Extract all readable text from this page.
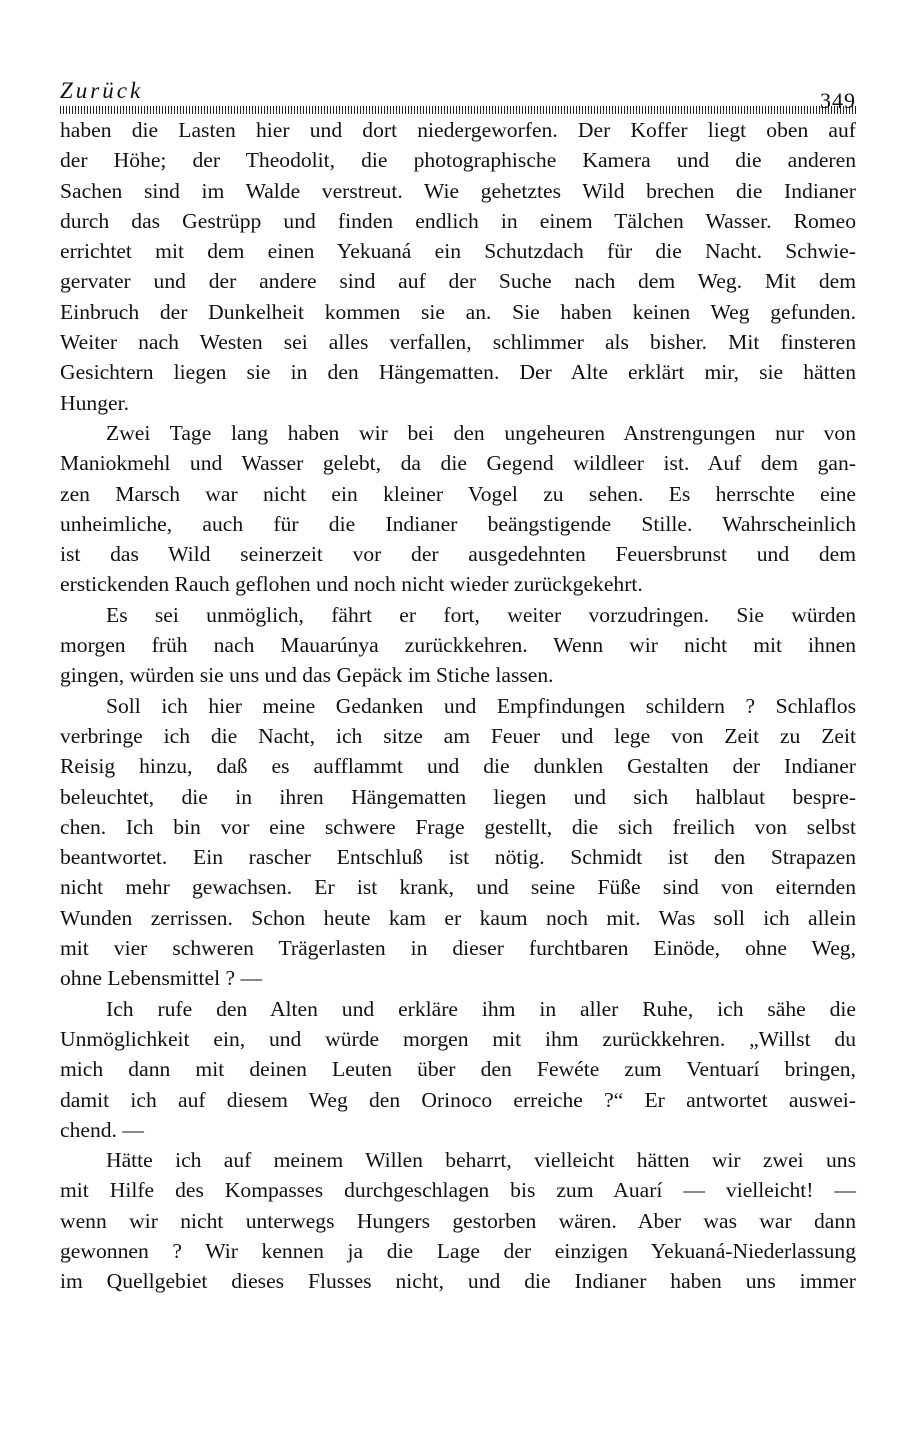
Zurück	349

haben die Lasten hier und dort niedergeworfen. Der Koffer liegt oben auf
der Höhe; der Theodolit, die photographische Kamera und die anderen
Sachen sind im Walde verstreut. Wie gehetztes Wild brechen die Indianer
durch das Gestrüpp und finden endlich in einem Tälchen Wasser. Romeo
errichtet mit dem einen Yekuaná ein Schutzdach für die Nacht. Schwie-
gervater und der andere sind auf der Suche nach dem Weg. Mit dem
Einbruch der Dunkelheit kommen sie an. Sie haben keinen Weg gefunden.
Weiter nach Westen sei alles verfallen, schlimmer als bisher. Mit finsteren
Gesichtern liegen sie in den Hängematten. Der Alte erklärt mir, sie hätten
Hunger.

Zwei Tage lang haben wir bei den ungeheuren Anstrengungen nur von
Maniokmehl und Wasser gelebt, da die Gegend wildleer ist. Auf dem gan-
zen Marsch war nicht ein kleiner Vogel zu sehen. Es herrschte eine
unheimliche, auch für die Indianer beängstigende Stille. Wahrscheinlich
ist das Wild seinerzeit vor der ausgedehnten Feuersbrunst und dem
erstickenden Rauch geflohen und noch nicht wieder zurückgekehrt.

Es sei unmöglich, fährt er fort, weiter vorzudringen. Sie würden
morgen früh nach Mauarúnya zurückkehren. Wenn wir nicht mit ihnen
gingen, würden sie uns und das Gepäck im Stiche lassen.

Soll ich hier meine Gedanken und Empfindungen schildern ? Schlaflos
verbringe ich die Nacht, ich sitze am Feuer und lege von Zeit zu Zeit
Reisig hinzu, daß es aufflammt und die dunklen Gestalten der Indianer
beleuchtet, die in ihren Hängematten liegen und sich halblaut bespre-
chen. Ich bin vor eine schwere Frage gestellt, die sich freilich von selbst
beantwortet. Ein rascher Entschluß ist nötig. Schmidt ist den Strapazen
nicht mehr gewachsen. Er ist krank, und seine Füße sind von eiternden
Wunden zerrissen. Schon heute kam er kaum noch mit. Was soll ich allein
mit vier schweren Trägerlasten in dieser furchtbaren Einöde, ohne Weg,
ohne Lebensmittel ? —

Ich rufe den Alten und erkläre ihm in aller Ruhe, ich sähe die
Unmöglichkeit ein, und würde morgen mit ihm zurückkehren. „Willst du
mich dann mit deinen Leuten über den Fewéte zum Ventuarí bringen,
damit ich auf diesem Weg den Orinoco erreiche ?“ Er antwortet auswei-
chend. —

Hätte ich auf meinem Willen beharrt, vielleicht hätten wir zwei uns
mit Hilfe des Kompasses durchgeschlagen bis zum Auarí — vielleicht! —
wenn wir nicht unterwegs Hungers gestorben wären. Aber was war dann
gewonnen ? Wir kennen ja die Lage der einzigen Yekuaná-Niederlassung
im Quellgebiet dieses Flusses nicht, und die Indianer haben uns immer
